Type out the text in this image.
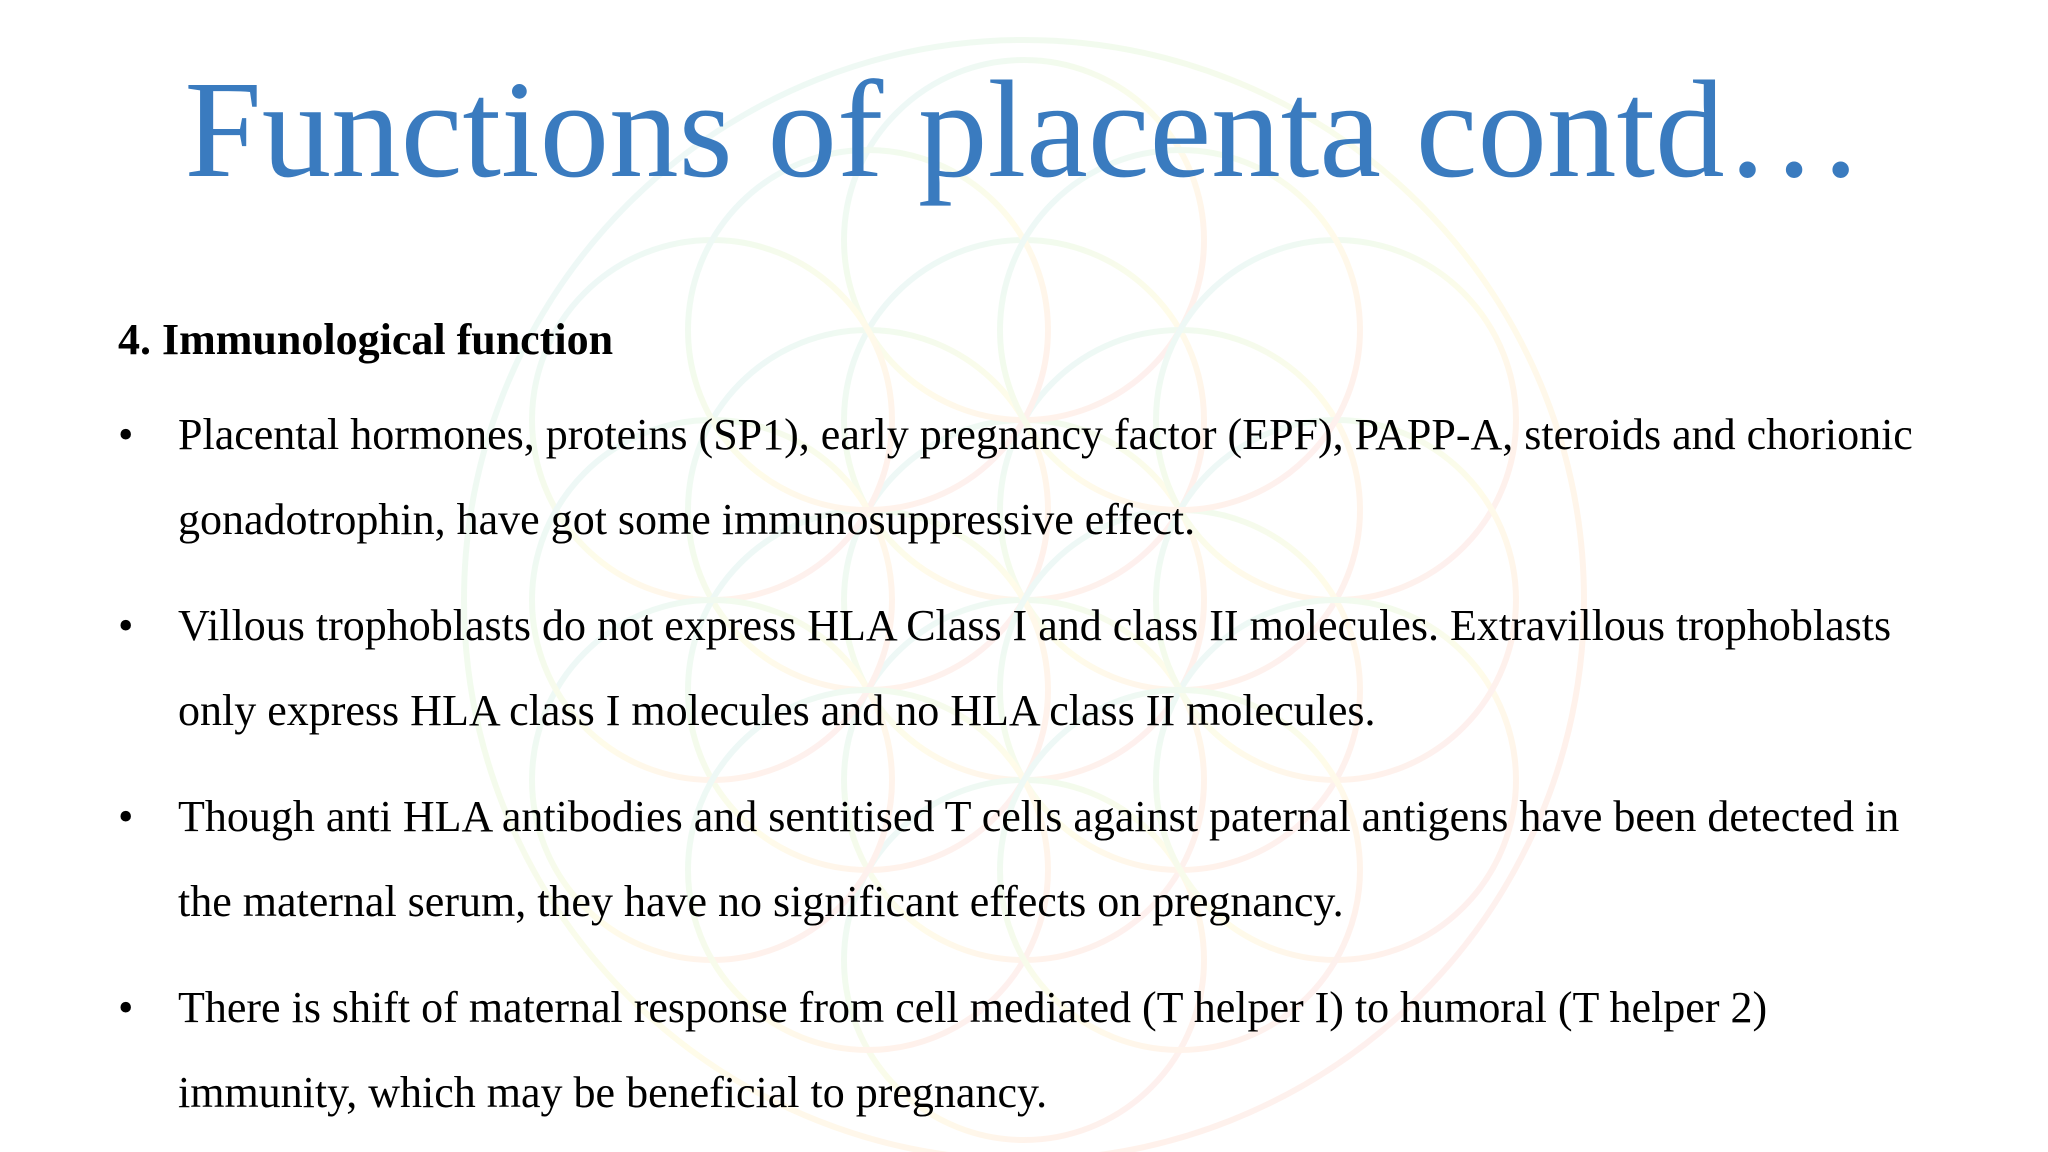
Functions of placenta contd…
4. Immunological function
• Placental hormones, proteins (SP1), early pregnancy factor (EPF), PAPP-A, steroids and chorionic gonadotrophin, have got some immunosuppressive effect.
• Villous trophoblasts do not express HLA Class I and class II molecules. Extravillous trophoblasts only express HLA class I molecules and no HLA class II molecules.
• Though anti HLA antibodies and sentitised T cells against paternal antigens have been detected in the maternal serum, they have no significant effects on pregnancy.
• There is shift of maternal response from cell mediated (T helper I) to humoral (T helper 2) immunity, which may be beneficial to pregnancy.
